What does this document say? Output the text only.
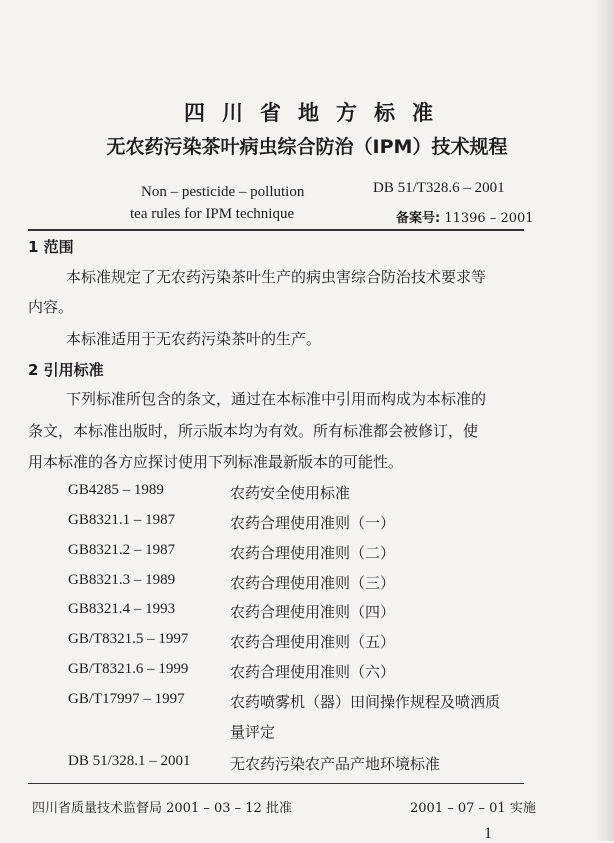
四川省地方标准
无农药污染茶叶病虫综合防治（IPM）技术规程
Non – pesticide – pollution
tea rules for IPM technique
DB 51/T328.6 – 2001
备案号: 11396 – 2001
1 范围
本标准规定了无农药污染茶叶生产的病虫害综合防治技术要求等
内容。
本标准适用于无农药污染茶叶的生产。
2 引用标准
下列标准所包含的条文，通过在本标准中引用而构成为本标准的
条文，本标准出版时，所示版本均为有效。所有标准都会被修订，使
用本标准的各方应探讨使用下列标准最新版本的可能性。
GB4285 – 1989	农药安全使用标准
GB8321.1 – 1987	农药合理使用准则（一）
GB8321.2 – 1987	农药合理使用准则（二）
GB8321.3 – 1989	农药合理使用准则（三）
GB8321.4 – 1993	农药合理使用准则（四）
GB/T8321.5 – 1997	农药合理使用准则（五）
GB/T8321.6 – 1999	农药合理使用准则（六）
GB/T17997 – 1997	农药喷雾机（器）田间操作规程及喷洒质
量评定
DB 51/328.1 – 2001	无农药污染农产品产地环境标准
四川省质量技术监督局 2001 – 03 – 12 批准	2001 – 07 – 01 实施
1
